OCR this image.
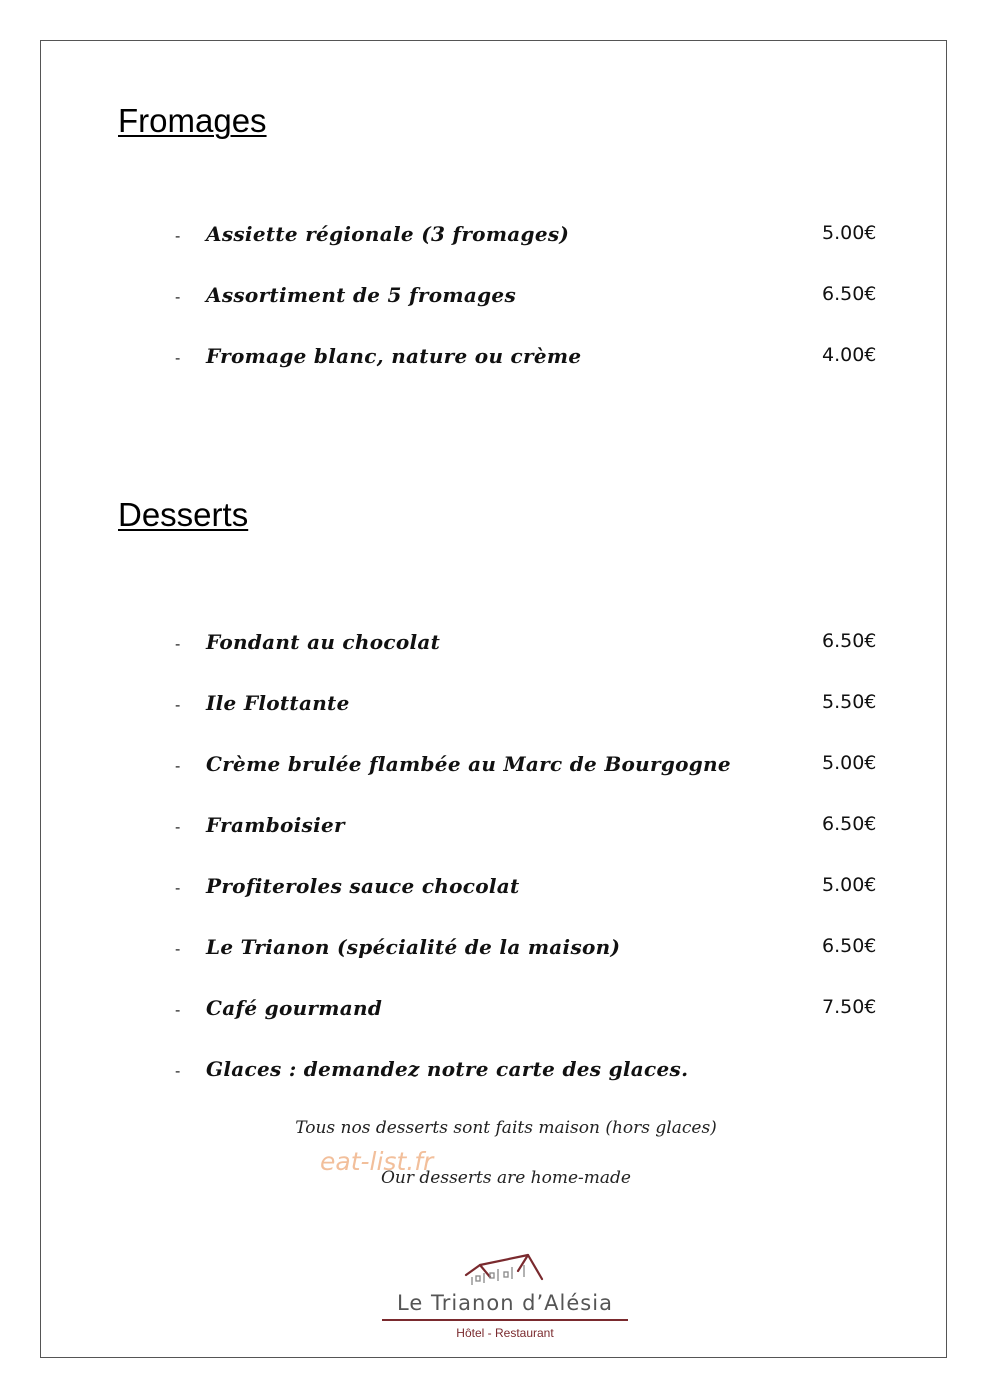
Fromages
- Assiette régionale (3 fromages)	5.00€
- Assortiment de 5 fromages	6.50€
- Fromage blanc, nature ou crème	4.00€
Desserts
- Fondant au chocolat	6.50€
- Ile Flottante	5.50€
- Crème brulée flambée au Marc de Bourgogne	5.00€
- Framboisier	6.50€
- Profiteroles sauce chocolat	5.00€
- Le Trianon (spécialité de la maison)	6.50€
- Café gourmand	7.50€
- Glaces : demandez notre carte des glaces.
Tous nos desserts sont faits maison (hors glaces)
Our desserts are home-made
eat-list.fr
Le Trianon d’Alésia
Hôtel - Restaurant
